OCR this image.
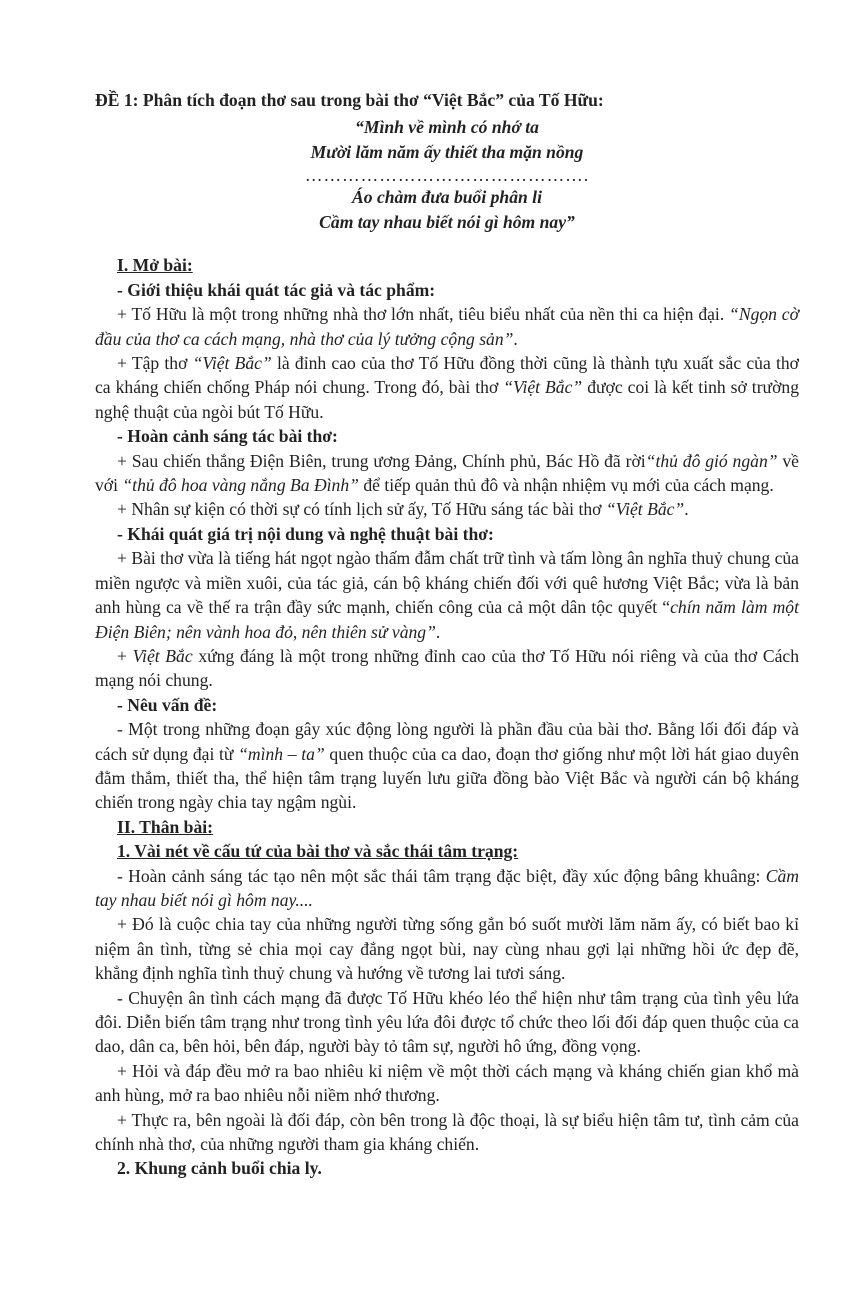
ĐỀ 1: Phân tích đoạn thơ sau trong bài thơ “Việt Bắc” của Tố Hữu:
“Mình về mình có nhớ ta
Mười lăm năm ấy thiết tha mặn nồng
……………………………………….
Áo chàm đưa buổi phân li
Cầm tay nhau biết nói gì hôm nay”
I. Mở bài:
- Giới thiệu khái quát tác giả và tác phẩm:

+ Tố Hữu là một trong những nhà thơ lớn nhất, tiêu biểu nhất của nền thi ca hiện đại. “Ngọn cờ đầu của thơ ca cách mạng, nhà thơ của lý tưởng cộng sản”.

+ Tập thơ “Việt Bắc” là đỉnh cao của thơ Tố Hữu đồng thời cũng là thành tựu xuất sắc của thơ ca kháng chiến chống Pháp nói chung. Trong đó, bài thơ “Việt Bắc” được coi là kết tinh sở trường nghệ thuật của ngòi bút Tố Hữu.

- Hoàn cảnh sáng tác bài thơ:

+ Sau chiến thắng Điện Biên, trung ương Đảng, Chính phủ, Bác Hồ đã rời“thủ đô gió ngàn” về với “thủ đô hoa vàng nắng Ba Đình” để tiếp quản thủ đô và nhận nhiệm vụ mới của cách mạng.

+ Nhân sự kiện có thời sự có tính lịch sử ấy, Tố Hữu sáng tác bài thơ “Việt Bắc”.

- Khái quát giá trị nội dung và nghệ thuật bài thơ:

+ Bài thơ vừa là tiếng hát ngọt ngào thấm đẫm chất trữ tình và tấm lòng ân nghĩa thuỷ chung của miền ngược và miền xuôi, của tác giả, cán bộ kháng chiến đối với quê hương Việt Bắc; vừa là bản anh hùng ca về thế ra trận đầy sức mạnh, chiến công của cả một dân tộc quyết “chín năm làm một Điện Biên; nên vành hoa đỏ, nên thiên sử vàng”.

+ Việt Bắc xứng đáng là một trong những đỉnh cao của thơ Tố Hữu nói riêng và của thơ Cách mạng nói chung.

- Nêu vấn đề:

- Một trong những đoạn gây xúc động lòng người là phần đầu của bài thơ. Bằng lối đối đáp và cách sử dụng đại từ “mình – ta” quen thuộc của ca dao, đoạn thơ giống như một lời hát giao duyên đằm thắm, thiết tha, thể hiện tâm trạng luyến lưu giữa đồng bào Việt Bắc và người cán bộ kháng chiến trong ngày chia tay ngậm ngùi.

II. Thân bài:
1. Vài nét về cấu tứ của bài thơ và sắc thái tâm trạng:

- Hoàn cảnh sáng tác tạo nên một sắc thái tâm trạng đặc biệt, đầy xúc động bâng khuâng: Cầm tay nhau biết nói gì hôm nay....

+ Đó là cuộc chia tay của những người từng sống gắn bó suốt mười lăm năm ấy, có biết bao kỉ niệm ân tình, từng sẻ chia mọi cay đắng ngọt bùi, nay cùng nhau gợi lại những hồi ức đẹp đẽ, khẳng định nghĩa tình thuỷ chung và hướng về tương lai tươi sáng.

- Chuyện ân tình cách mạng đã được Tố Hữu khéo léo thể hiện như tâm trạng của tình yêu lứa đôi. Diễn biến tâm trạng như trong tình yêu lứa đôi được tổ chức theo lối đối đáp quen thuộc của ca dao, dân ca, bên hỏi, bên đáp, người bày tỏ tâm sự, người hô ứng, đồng vọng.

+ Hỏi và đáp đều mở ra bao nhiêu kỉ niệm về một thời cách mạng và kháng chiến gian khổ mà anh hùng, mở ra bao nhiêu nỗi niềm nhớ thương.

+ Thực ra, bên ngoài là đối đáp, còn bên trong là độc thoại, là sự biểu hiện tâm tư, tình cảm của chính nhà thơ, của những người tham gia kháng chiến.

2. Khung cảnh buổi chia ly.
